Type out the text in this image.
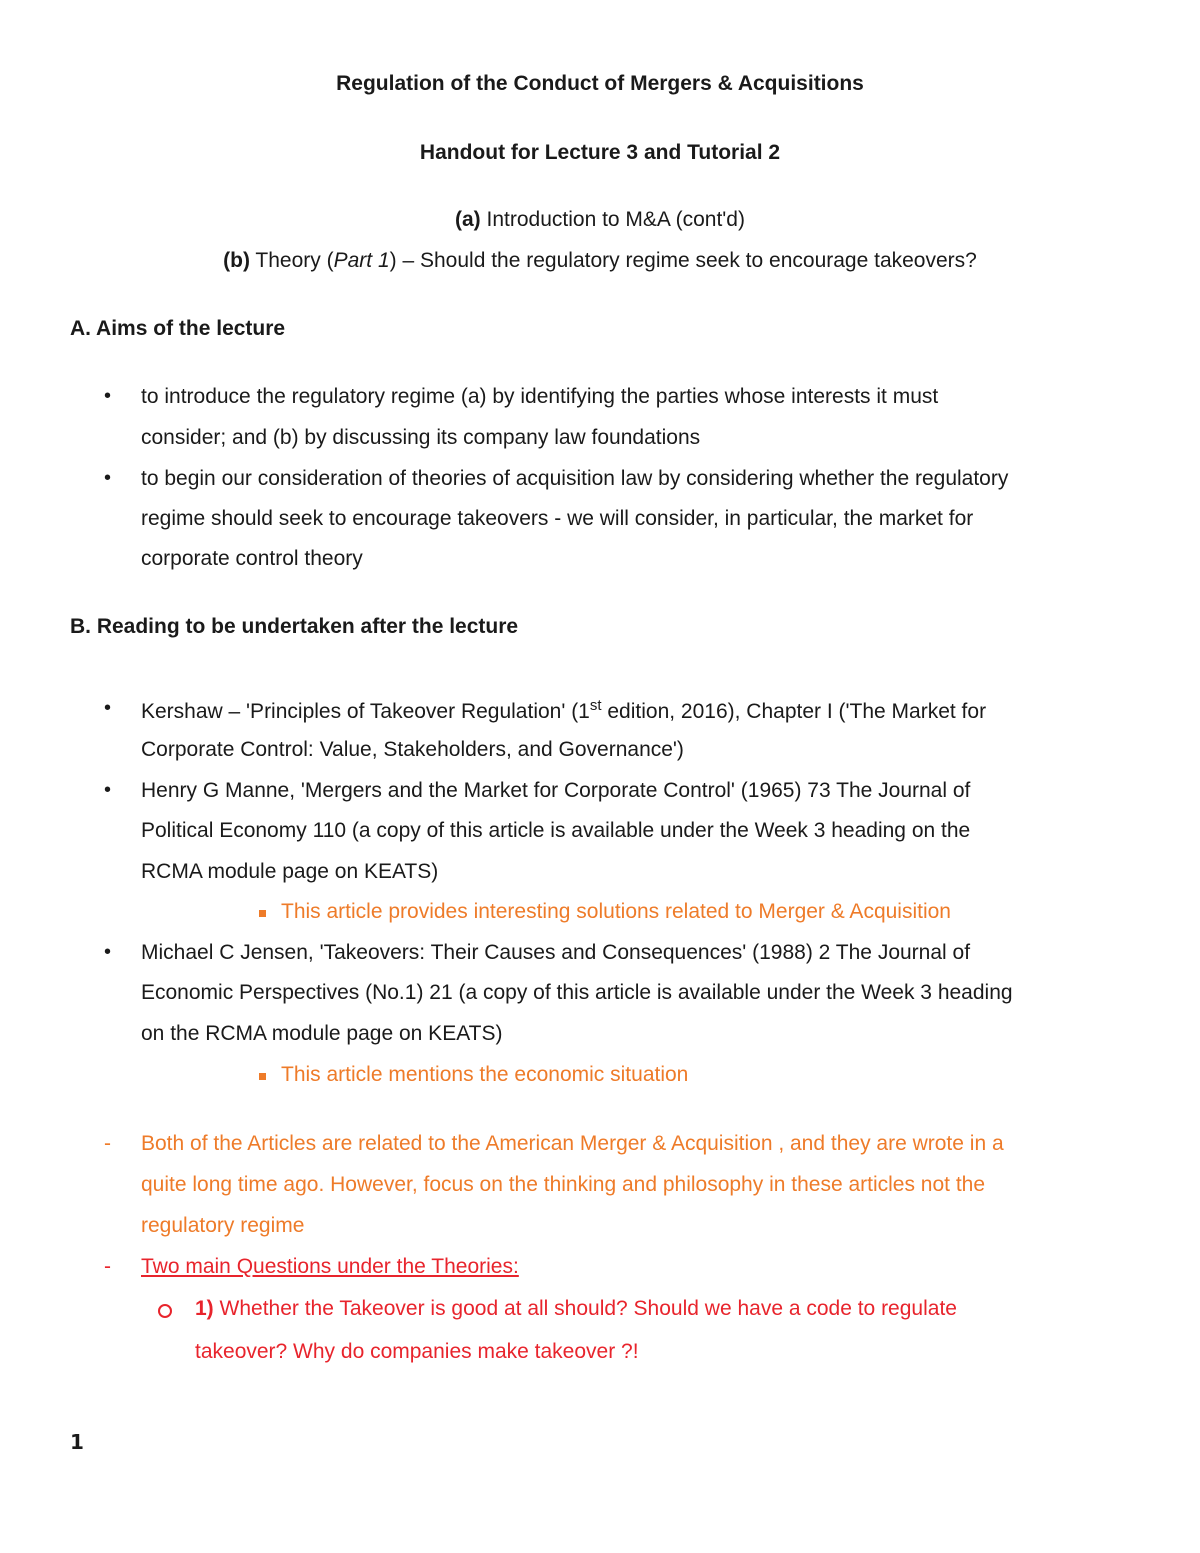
Regulation of the Conduct of Mergers & Acquisitions
Handout for Lecture 3 and Tutorial 2
(a) Introduction to M&A (cont'd)
(b) Theory (Part 1) – Should the regulatory regime seek to encourage takeovers?
A. Aims of the lecture
• to introduce the regulatory regime (a) by identifying the parties whose interests it must
consider; and (b) by discussing its company law foundations
• to begin our consideration of theories of acquisition law by considering whether the regulatory
regime should seek to encourage takeovers - we will consider, in particular, the market for
corporate control theory
B. Reading to be undertaken after the lecture
• Kershaw – 'Principles of Takeover Regulation' (1st edition, 2016), Chapter I ('The Market for
Corporate Control: Value, Stakeholders, and Governance')
• Henry G Manne, 'Mergers and the Market for Corporate Control' (1965) 73 The Journal of
Political Economy 110 (a copy of this article is available under the Week 3 heading on the
RCMA module page on KEATS)
This article provides interesting solutions related to Merger & Acquisition
• Michael C Jensen, 'Takeovers: Their Causes and Consequences' (1988) 2 The Journal of
Economic Perspectives (No.1) 21 (a copy of this article is available under the Week 3 heading
on the RCMA module page on KEATS)
This article mentions the economic situation
- Both of the Articles are related to the American Merger & Acquisition , and they are wrote in a
quite long time ago. However, focus on the thinking and philosophy in these articles not the
regulatory regime
- Two main Questions under the Theories:
1) Whether the Takeover is good at all should? Should we have a code to regulate
takeover? Why do companies make takeover ?!
1
